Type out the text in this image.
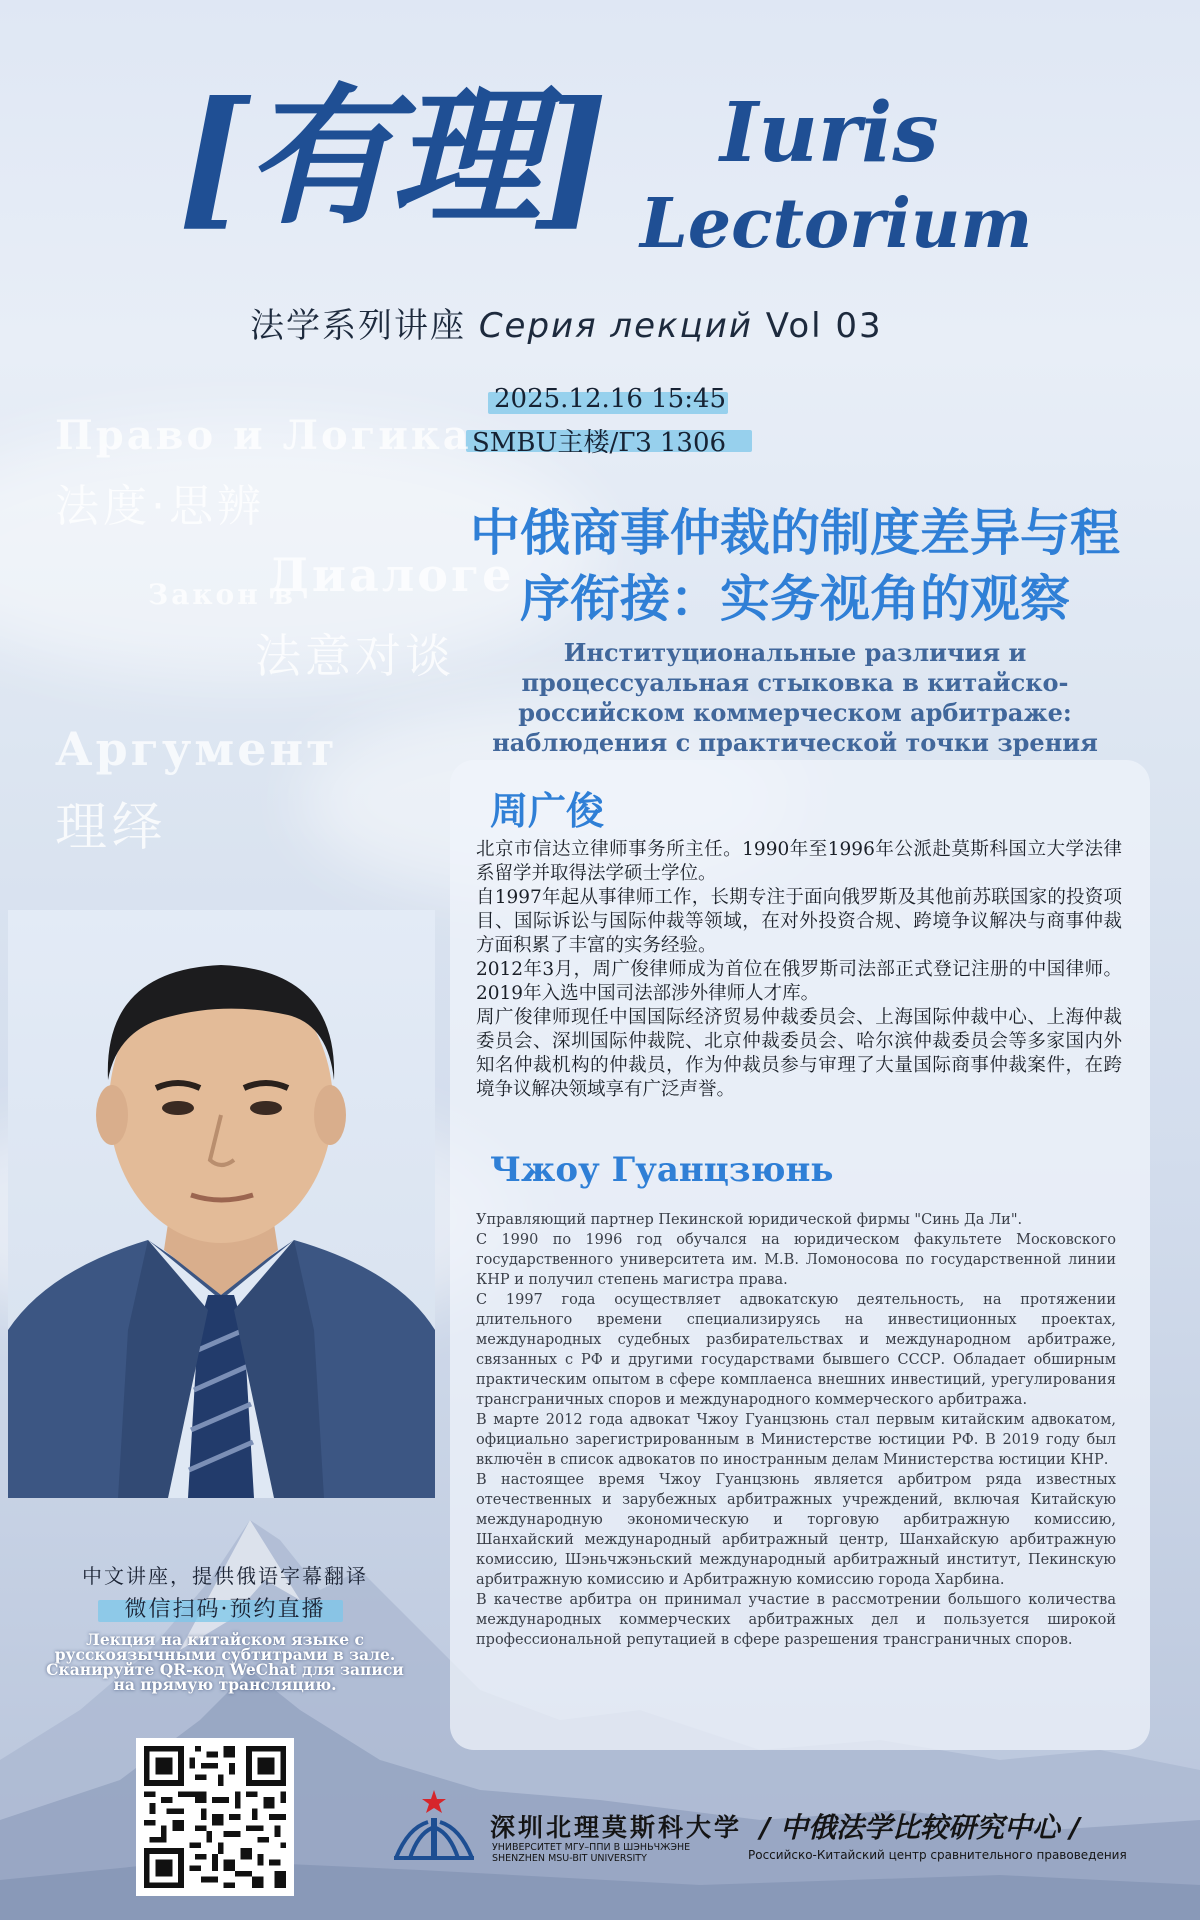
[有理] Iuris
Lectorium
法学系列讲座 Серия лекций Vol 03
2025.12.16 15:45
SMBU主楼/ГЗ 1306
Право и Логика
法度·思辨
Закон в
Диалоге
法意对谈
Аргумент
理绎
中俄商事仲裁的制度差异与程序衔接：实务视角的观察
Институциональные различия и процессуальная стыковка в китайско-российском коммерческом арбитраже: наблюдения с практической точки зрения
周广俊

北京市信达立律师事务所主任。1990年至1996年公派赴莫斯科国立大学法律系留学并取得法学硕士学位。

自1997年起从事律师工作，长期专注于面向俄罗斯及其他前苏联国家的投资项目、国际诉讼与国际仲裁等领域，在对外投资合规、跨境争议解决与商事仲裁方面积累了丰富的实务经验。

2012年3月，周广俊律师成为首位在俄罗斯司法部正式登记注册的中国律师。2019年入选中国司法部涉外律师人才库。

周广俊律师现任中国国际经济贸易仲裁委员会、上海国际仲裁中心、上海仲裁委员会、深圳国际仲裁院、北京仲裁委员会、哈尔滨仲裁委员会等多家国内外知名仲裁机构的仲裁员，作为仲裁员参与审理了大量国际商事仲裁案件，在跨境争议解决领域享有广泛声誉。

Чжоу Гуанцзюнь

Управляющий партнер Пекинской юридической фирмы "Синь Да Ли".

С 1990 по 1996 год обучался на юридическом факультете Московского государственного университета им. М.В. Ломоносова по государственной линии КНР и получил степень магистра права.

С 1997 года осуществляет адвокатскую деятельность, на протяжении длительного времени специализируясь на инвестиционных проектах, международных судебных разбирательствах и международном арбитраже, связанных с РФ и другими государствами бывшего СССР. Обладает обширным практическим опытом в сфере комплаенса внешних инвестиций, урегулирования трансграничных споров и международного коммерческого арбитража.

В марте 2012 года адвокат Чжоу Гуанцзюнь стал первым китайским адвокатом, официально зарегистрированным в Министерстве юстиции РФ. В 2019 году был включён в список адвокатов по иностранным делам Министерства юстиции КНР.

В настоящее время Чжоу Гуанцзюнь является арбитром ряда известных отечественных и зарубежных арбитражных учреждений, включая Китайскую международную экономическую и торговую арбитражную комиссию, Шанхайский международный арбитражный центр, Шанхайскую арбитражную комиссию, Шэньчжэньский международный арбитражный институт, Пекинскую арбитражную комиссию и Арбитражную комиссию города Харбина.

В качестве арбитра он принимал участие в рассмотрении большого количества международных коммерческих арбитражных дел и пользуется широкой профессиональной репутацией в сфере разрешения трансграничных споров.

中文讲座，提供俄语字幕翻译
微信扫码·预约直播
Лекция на китайском языке с русскоязычными субтитрами в зале. Сканируйте QR-код WeChat для записи на прямую трансляцию.
深圳北理莫斯科大学
УНИВЕРСИТЕТ МГУ–ППИ В ШЭНЬЧЖЭНЕ
SHENZHEN MSU-BIT UNIVERSITY
/ 中俄法学比较研究中心 /
Российско-Китайский центр сравнительного правоведения
